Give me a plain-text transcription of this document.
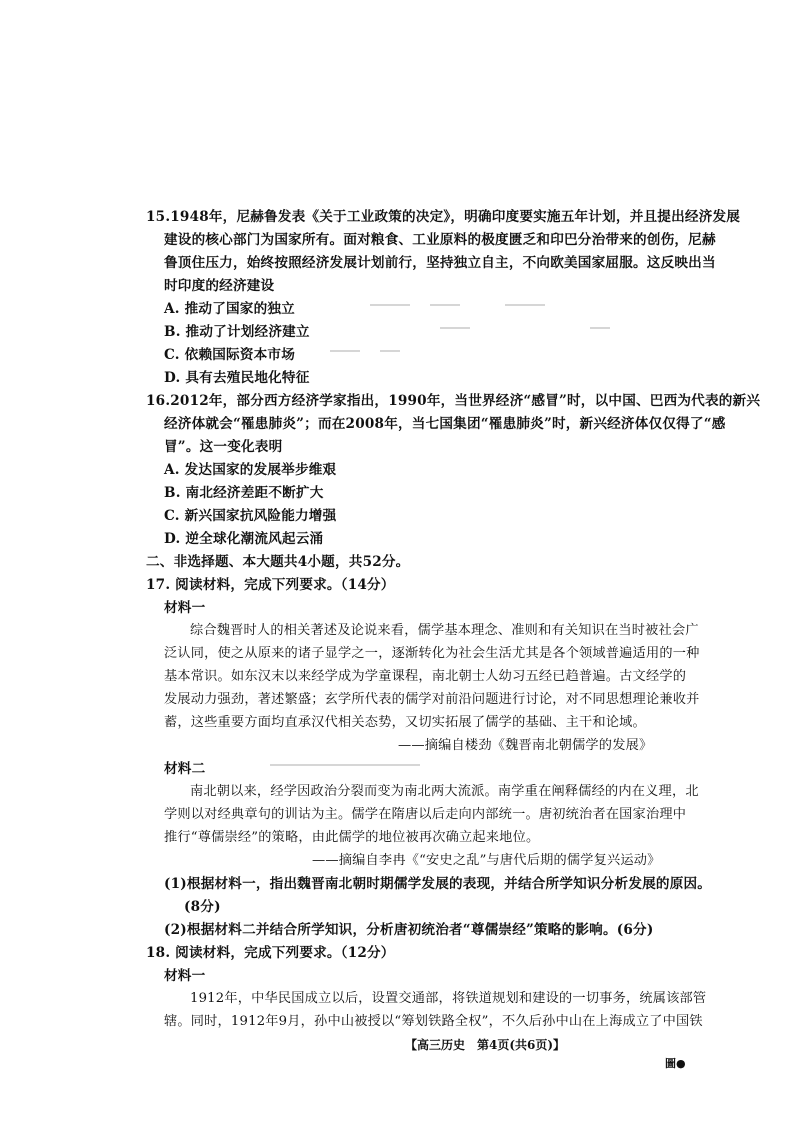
15.1948年，尼赫鲁发表《关于工业政策的决定》，明确印度要实施五年计划，并且提出经济发展
建设的核心部门为国家所有。面对粮食、工业原料的极度匮乏和印巴分治带来的创伤，尼赫
鲁顶住压力，始终按照经济发展计划前行，坚持独立自主，不向欧美国家屈服。这反映出当
时印度的经济建设
A. 推动了国家的独立
B. 推动了计划经济建立
C. 依赖国际资本市场
D. 具有去殖民地化特征
16.2012年，部分西方经济学家指出，1990年，当世界经济“感冒”时，以中国、巴西为代表的新兴
经济体就会“罹患肺炎”；而在2008年，当七国集团“罹患肺炎”时，新兴经济体仅仅得了“感
冒”。这一变化表明
A. 发达国家的发展举步维艰
B. 南北经济差距不断扩大
C. 新兴国家抗风险能力增强
D. 逆全球化潮流风起云涌
二、非选择题、本大题共4小题，共52分。
17. 阅读材料，完成下列要求。（14分）
材料一
综合魏晋时人的相关著述及论说来看，儒学基本理念、准则和有关知识在当时被社会广
泛认同，使之从原来的诸子显学之一，逐渐转化为社会生活尤其是各个领域普遍适用的一种
基本常识。如东汉末以来经学成为学童课程，南北朝士人幼习五经已趋普遍。古文经学的
发展动力强劲，著述繁盛；玄学所代表的儒学对前沿问题进行讨论，对不同思想理论兼收并
蓄，这些重要方面均直承汉代相关态势，又切实拓展了儒学的基础、主干和论域。
——摘编自楼劲《魏晋南北朝儒学的发展》
材料二
南北朝以来，经学因政治分裂而变为南北两大流派。南学重在阐释儒经的内在义理，北
学则以对经典章句的训诂为主。儒学在隋唐以后走向内部统一。唐初统治者在国家治理中
推行“尊儒崇经”的策略，由此儒学的地位被再次确立起来地位。
——摘编自李冉《“安史之乱”与唐代后期的儒学复兴运动》
(1)根据材料一，指出魏晋南北朝时期儒学发展的表现，并结合所学知识分析发展的原因。
(8分)
(2)根据材料二并结合所学知识，分析唐初统治者“尊儒崇经”策略的影响。(6分)
18. 阅读材料，完成下列要求。（12分）
材料一
1912年，中华民国成立以后，设置交通部，将铁道规划和建设的一切事务，统属该部管
辖。同时，1912年9月，孙中山被授以“筹划铁路全权”，不久后孙中山在上海成立了中国铁
【高三历史　第4页(共6页)】
圖●
